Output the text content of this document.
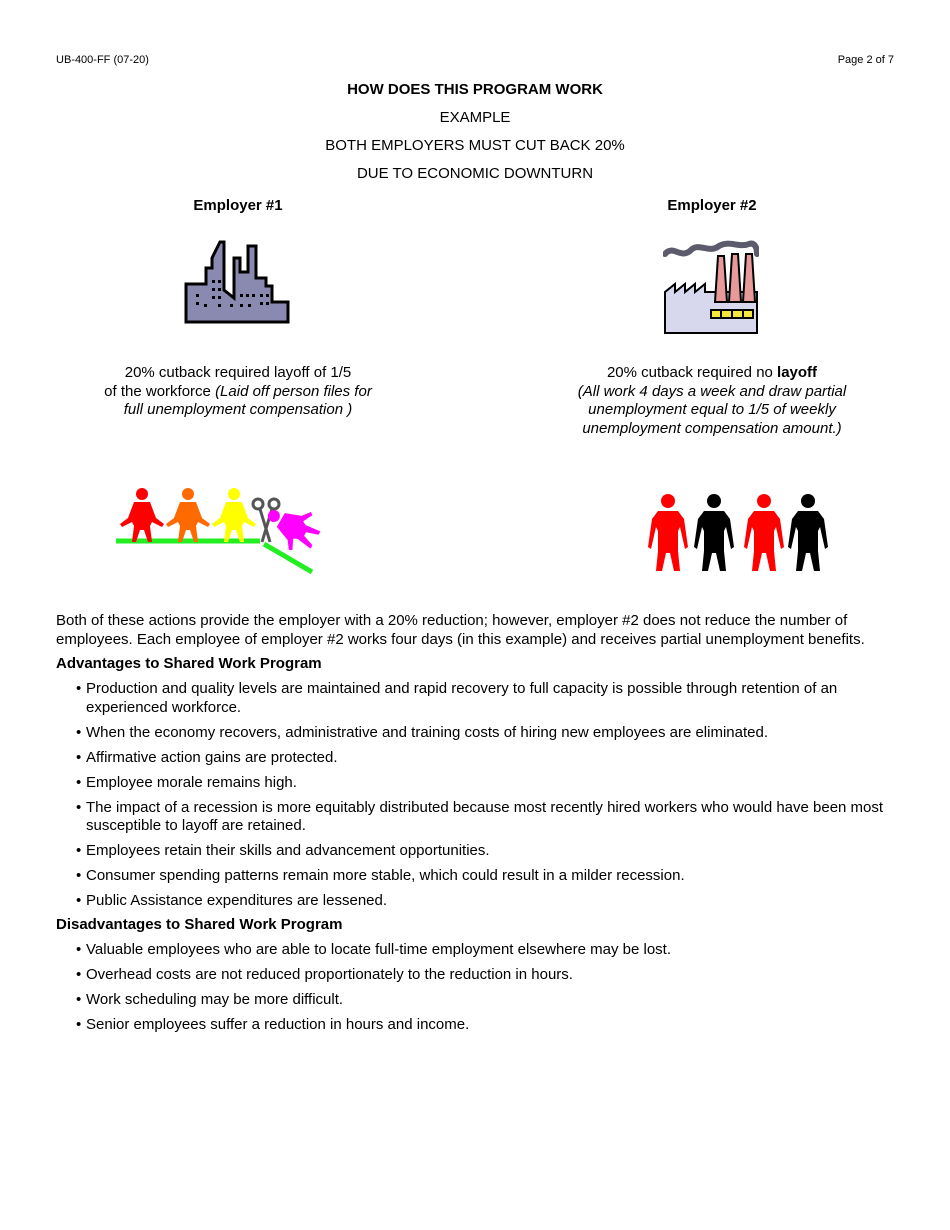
UB-400-FF (07-20)	Page 2 of 7
HOW DOES THIS PROGRAM WORK
EXAMPLE
BOTH EMPLOYERS MUST CUT BACK 20%
DUE TO ECONOMIC DOWNTURN
Employer #1	Employer #2
20% cutback required layoff of 1/5
of the workforce (Laid off person files for
full unemployment compensation )
20% cutback required no layoff
(All work 4 days a week and draw partial
unemployment equal to 1/5 of weekly
unemployment compensation amount.)
Both of these actions provide the employer with a 20% reduction; however, employer #2 does not reduce the number of employees. Each employee of employer #2 works four days (in this example) and receives partial unemployment benefits.
Advantages to Shared Work Program
• Production and quality levels are maintained and rapid recovery to full capacity is possible through retention of an experienced workforce.
• When the economy recovers, administrative and training costs of hiring new employees are eliminated.
• Affirmative action gains are protected.
• Employee morale remains high.
• The impact of a recession is more equitably distributed because most recently hired workers who would have been most susceptible to layoff are retained.
• Employees retain their skills and advancement opportunities.
• Consumer spending patterns remain more stable, which could result in a milder recession.
• Public Assistance expenditures are lessened.
Disadvantages to Shared Work Program
• Valuable employees who are able to locate full-time employment elsewhere may be lost.
• Overhead costs are not reduced proportionately to the reduction in hours.
• Work scheduling may be more difficult.
• Senior employees suffer a reduction in hours and income.
